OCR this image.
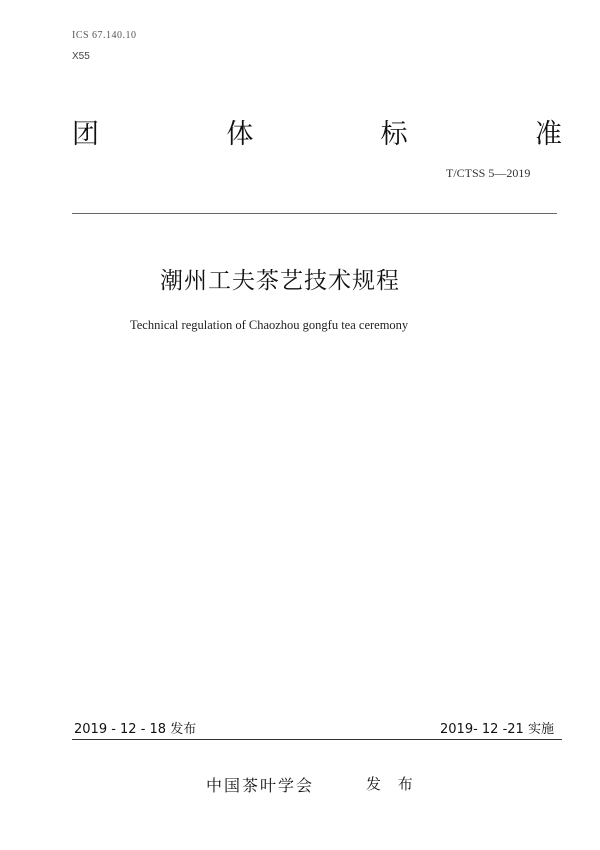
ICS 67.140.10
X55
团	体	标	准
T/CTSS 5—2019
潮州工夫茶艺技术规程
Technical regulation of Chaozhou gongfu tea ceremony
2019 - 12 - 18 发布	2019- 12 -21 实施
中国茶叶学会	发 布
